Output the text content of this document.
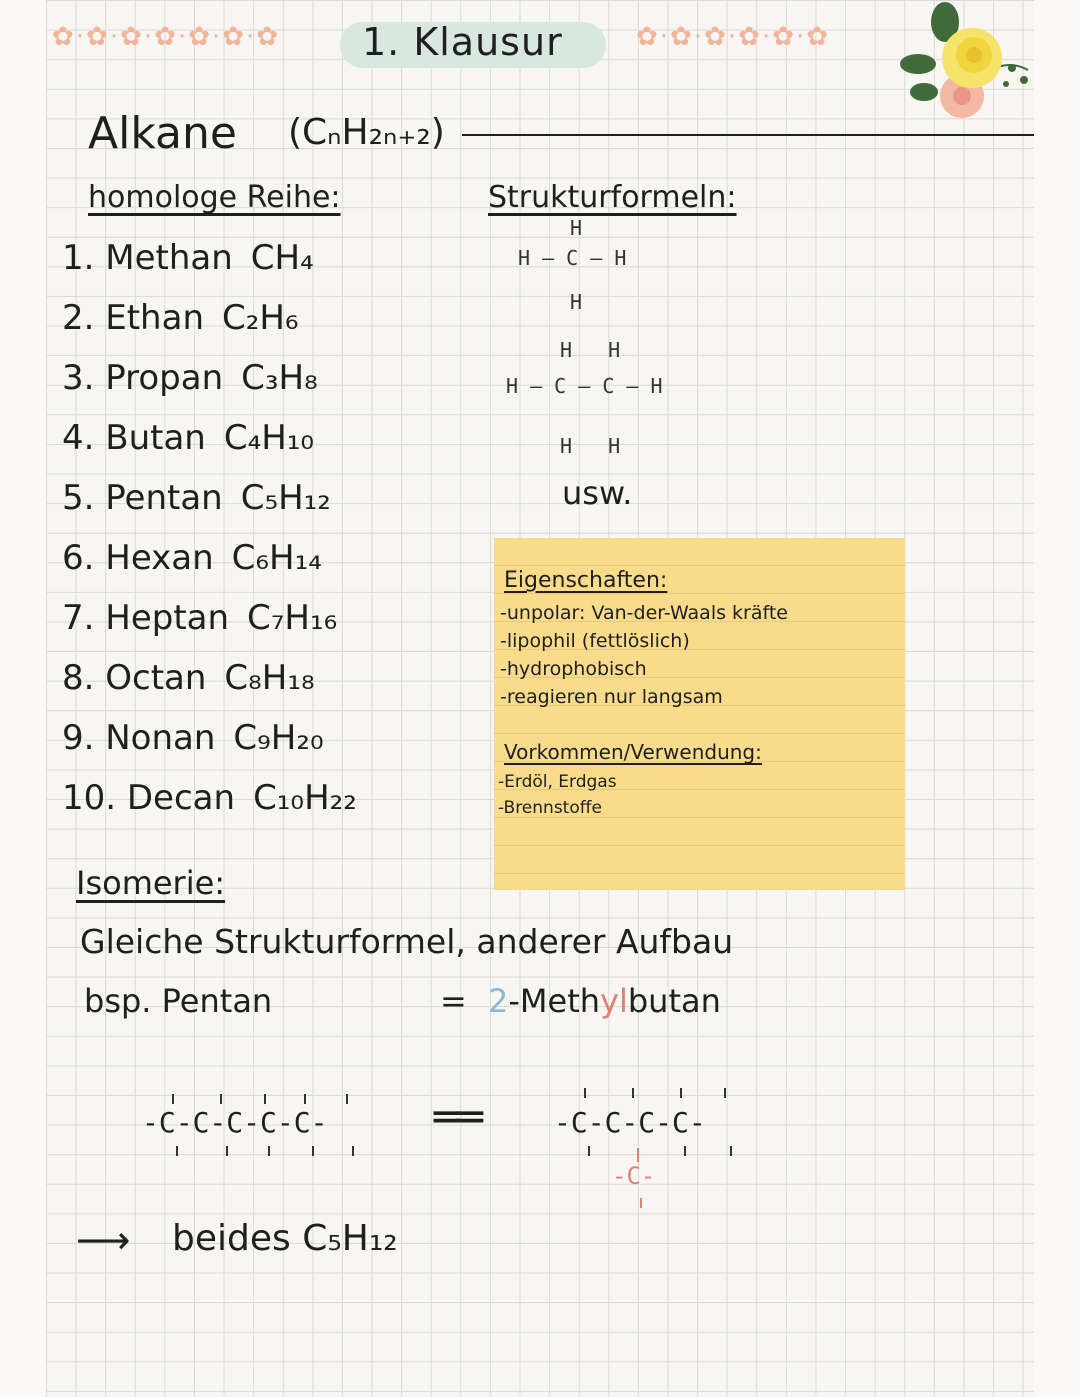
✿·✿·✿·✿·✿·✿·✿	✿·✿·✿·✿·✿·✿
1. Klausur
Alkane (CₙH₂ₙ₊₂)
homologe Reihe:
1. Methan CH₄
2. Ethan C₂H₆
3. Propan C₃H₈
4. Butan C₄H₁₀
5. Pentan C₅H₁₂
6. Hexan C₆H₁₄
7. Heptan C₇H₁₆
8. Octan C₈H₁₈
9. Nonan C₉H₂₀
10. Decan C₁₀H₂₂
Strukturformeln:
H
H – C – H
H
H   H
H – C – C – H
H   H
usw.
Eigenschaften:
-unpolar: Van-der-Waals kräfte
-lipophil (fettlöslich)
-hydrophobisch
-reagieren nur langsam
Vorkommen/Verwendung:
-Erdöl, Erdgas
-Brennstoffe
Isomerie:
Gleiche Strukturformel, anderer Aufbau
bsp. Pentan	= 2-Methylbutan
-C-C-C-C-C- ══	-C-C-C-C-
-C-
⟶ beides C₅H₁₂
